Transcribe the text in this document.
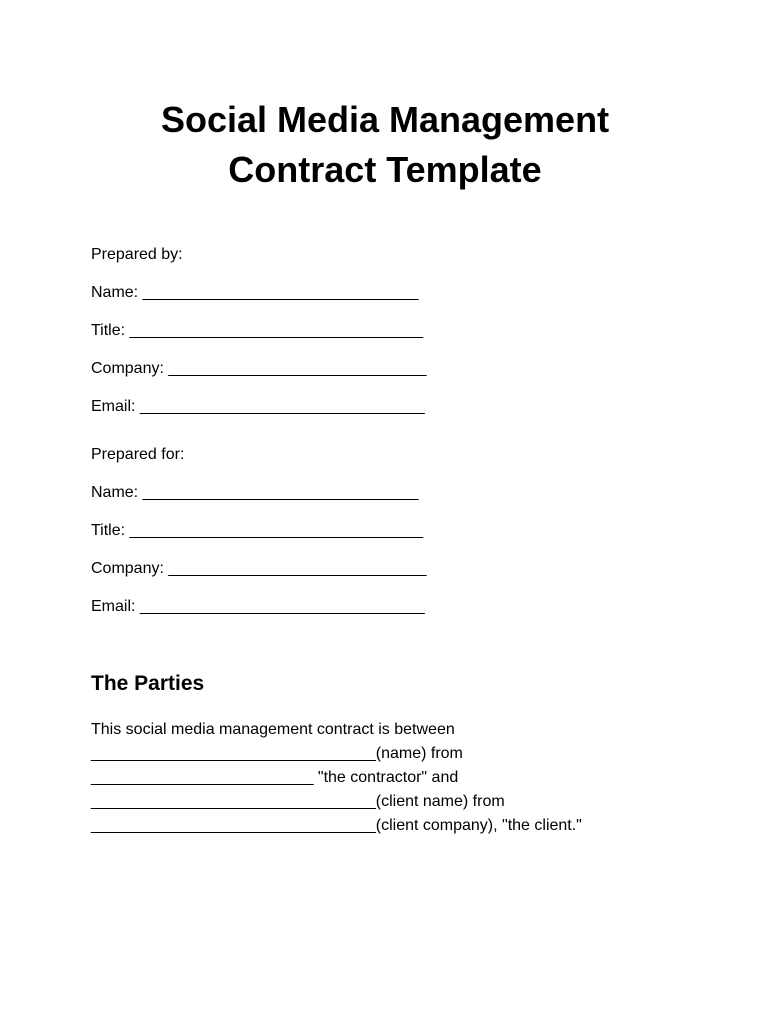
Social Media Management
Contract Template

Prepared by:

Name: _______________________________

Title: _________________________________

Company: _____________________________

Email: ________________________________

Prepared for:

Name: _______________________________

Title: _________________________________

Company: _____________________________

Email: ________________________________

The Parties
This social media management contract is between
________________________________(name) from
_________________________ "the contractor" and
________________________________(client name) from
________________________________(client company), "the client."
